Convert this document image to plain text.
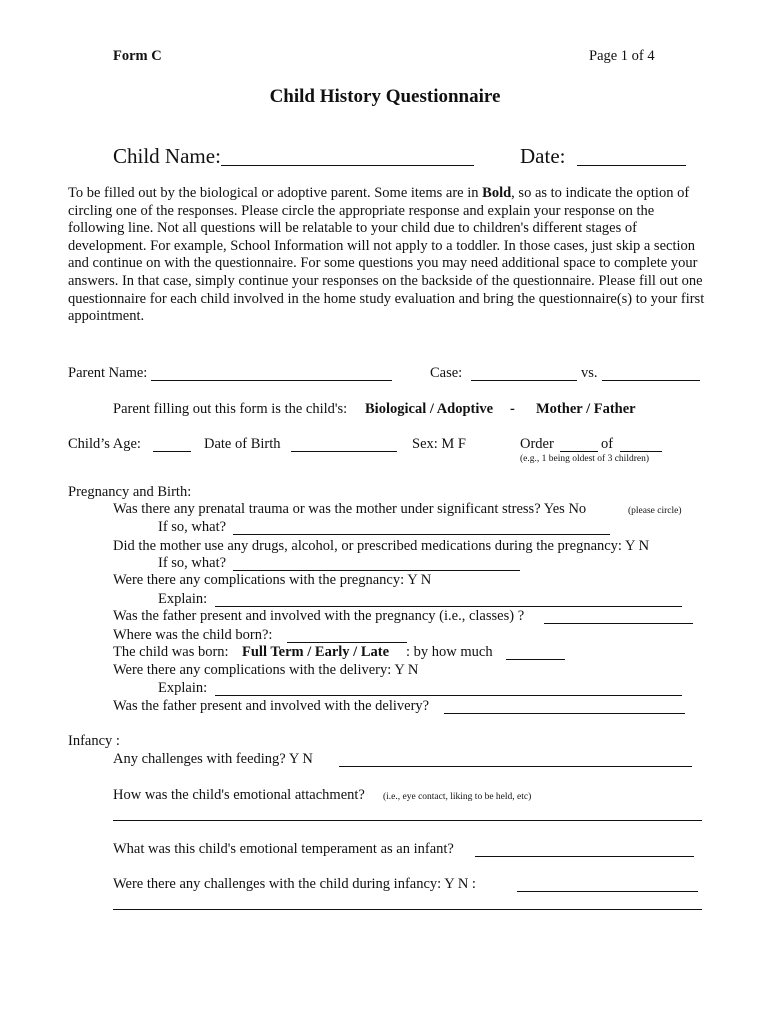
Form C	Page 1 of 4
Child History Questionnaire
Child Name:	Date:
To be filled out by the biological or adoptive parent. Some items are in Bold, so as to indicate the option of circling one of the responses. Please circle the appropriate response and explain your response on the following line. Not all questions will be relatable to your child due to children's different stages of development. For example, School Information will not apply to a toddler. In those cases, just skip a section and continue on with the questionnaire. For some questions you may need additional space to complete your answers. In that case, simply continue your responses on the backside of the questionnaire. Please fill out one questionnaire for each child involved in the home study evaluation and bring the questionnaire(s) to your first appointment.
Parent Name:	Case:	vs.
Parent filling out this form is the child's: Biological / Adoptive - Mother / Father
Child’s Age:	Date of Birth	Sex: M F	Order	of
(e.g., 1 being oldest of 3 children)
Pregnancy and Birth:
Was there any prenatal trauma or was the mother under significant stress? Yes No	(please circle)
If so, what?
Did the mother use any drugs, alcohol, or prescribed medications during the pregnancy: Y N
If so, what?
Were there any complications with the pregnancy: Y N
Explain:
Was the father present and involved with the pregnancy (i.e., classes) ?
Where was the child born?:
The child was born: Full Term / Early / Late : by how much
Were there any complications with the delivery: Y N
Explain:
Was the father present and involved with the delivery?
Infancy :
Any challenges with feeding? Y N
How was the child's emotional attachment? (i.e., eye contact, liking to be held, etc)
What was this child's emotional temperament as an infant?
Were there any challenges with the child during infancy: Y N :
